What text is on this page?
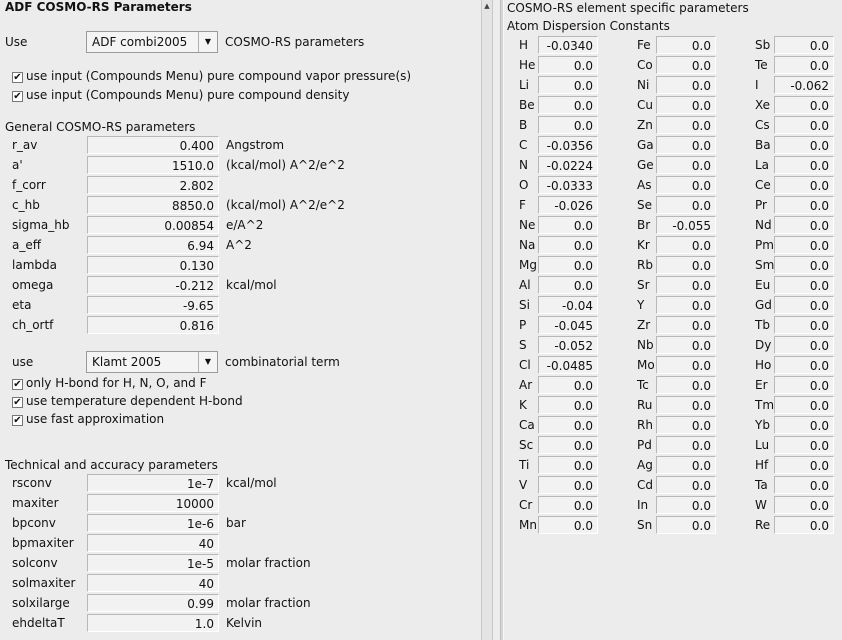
ADF COSMO-RS Parameters
Use	ADF combi2005	▼	COSMO-RS parameters
✔ use input (Compounds Menu) pure compound vapor pressure(s)
✔ use input (Compounds Menu) pure compound density
General COSMO-RS parameters
r_av	0.400	Angstrom
a'	1510.0	(kcal/mol) A^2/e^2
f_corr	2.802
c_hb	8850.0	(kcal/mol) A^2/e^2
sigma_hb	0.00854	e/A^2
a_eff	6.94	A^2
lambda	0.130
omega	-0.212	kcal/mol
eta	-9.65
ch_ortf	0.816
use	Klamt 2005	▼	combinatorial term
✔ only H-bond for H, N, O, and F
✔ use temperature dependent H-bond
✔ use fast approximation
Technical and accuracy parameters
rsconv	1e-7	kcal/mol
maxiter	10000
bpconv	1e-6	bar
bpmaxiter	40
solconv	1e-5	molar fraction
solmaxiter	40
solxilarge	0.99	molar fraction
ehdeltaT	1.0	Kelvin
▲ COSMO-RS element specific parameters
Atom Dispersion Constants
H	-0.0340
He	0.0
Li	0.0
Be	0.0
B	0.0
C	-0.0356
N	-0.0224
O	-0.0333
F	-0.026
Ne	0.0
Na	0.0
Mg	0.0
Al	0.0
Si	-0.04
P	-0.045
S	-0.052
Cl	-0.0485
Ar	0.0
K	0.0
Ca	0.0
Sc	0.0
Ti	0.0
V	0.0
Cr	0.0
Mn	0.0
Fe	0.0
Co	0.0
Ni	0.0
Cu	0.0
Zn	0.0
Ga	0.0
Ge	0.0
As	0.0
Se	0.0
Br	-0.055
Kr	0.0
Rb	0.0
Sr	0.0
Y	0.0
Zr	0.0
Nb	0.0
Mo	0.0
Tc	0.0
Ru	0.0
Rh	0.0
Pd	0.0
Ag	0.0
Cd	0.0
In	0.0
Sn	0.0
Sb	0.0
Te	0.0
I	-0.062
Xe	0.0
Cs	0.0
Ba	0.0
La	0.0
Ce	0.0
Pr	0.0
Nd	0.0
Pm	0.0
Sm	0.0
Eu	0.0
Gd	0.0
Tb	0.0
Dy	0.0
Ho	0.0
Er	0.0
Tm	0.0
Yb	0.0
Lu	0.0
Hf	0.0
Ta	0.0
W	0.0
Re	0.0
